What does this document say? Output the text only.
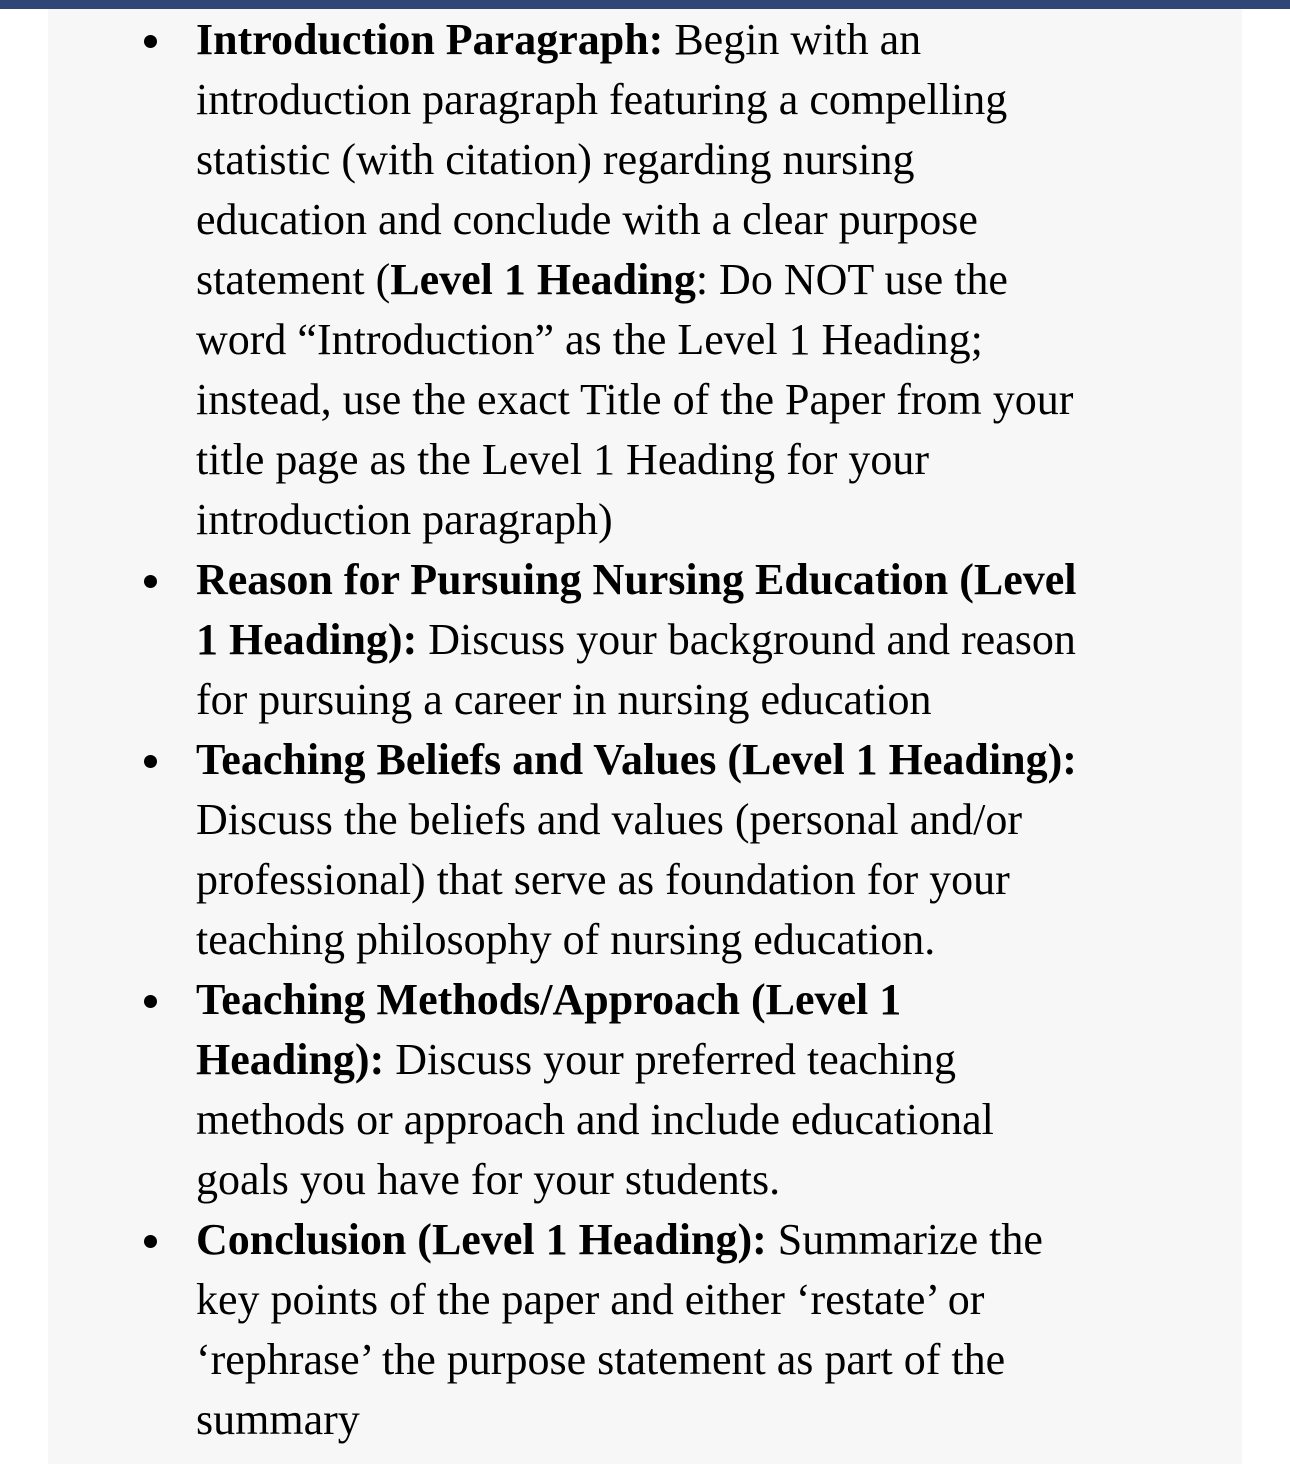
Introduction Paragraph: Begin with an
introduction paragraph featuring a compelling
statistic (with citation) regarding nursing
education and conclude with a clear purpose
statement (Level 1 Heading: Do NOT use the
word “Introduction” as the Level 1 Heading;
instead, use the exact Title of the Paper from your
title page as the Level 1 Heading for your
introduction paragraph)
Reason for Pursuing Nursing Education (Level
1 Heading): Discuss your background and reason
for pursuing a career in nursing education
Teaching Beliefs and Values (Level 1 Heading):
Discuss the beliefs and values (personal and/or
professional) that serve as foundation for your
teaching philosophy of nursing education.
Teaching Methods/Approach (Level 1
Heading): Discuss your preferred teaching
methods or approach and include educational
goals you have for your students.
Conclusion (Level 1 Heading): Summarize the
key points of the paper and either ‘restate’ or
‘rephrase’ the purpose statement as part of the
summary
